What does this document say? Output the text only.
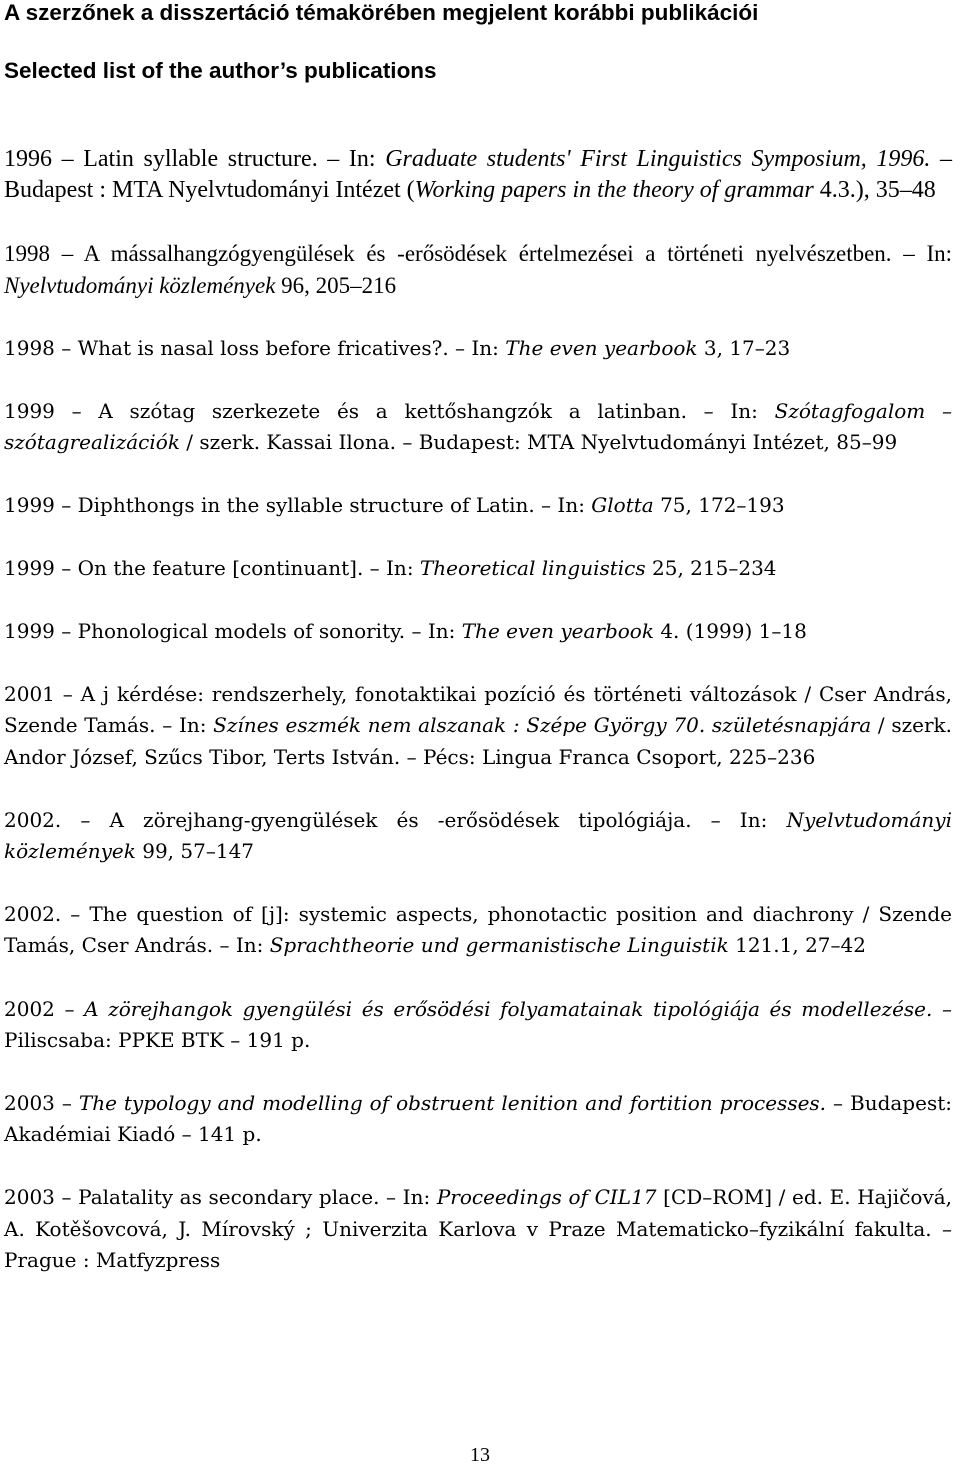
A szerzőnek a disszertáció témakörében megjelent korábbi publikációi
Selected list of the author’s publications

1996 – Latin syllable structure. – In: Graduate students' First Linguistics Symposium, 1996. – Budapest : MTA Nyelvtudományi Intézet (Working papers in the theory of grammar 4.3.), 35–48

1998 – A mássalhangzógyengülések és -erősödések értelmezései a történeti nyelvészetben. – In: Nyelvtudományi közlemények 96, 205–216

1998 – What is nasal loss before fricatives?. – In: The even yearbook 3, 17–23

1999 – A szótag szerkezete és a kettőshangzók a latinban. – In: Szótagfogalom – szótagrealizációk / szerk. Kassai Ilona. – Budapest: MTA Nyelvtudományi Intézet, 85–99

1999 – Diphthongs in the syllable structure of Latin. – In: Glotta 75, 172–193

1999 – On the feature [continuant]. – In: Theoretical linguistics 25, 215–234

1999 – Phonological models of sonority. – In: The even yearbook 4. (1999) 1–18

2001 – A j kérdése: rendszerhely, fonotaktikai pozíció és történeti változások / Cser András, Szende Tamás. – In: Színes eszmék nem alszanak : Szépe György 70. születésnapjára / szerk. Andor József, Szűcs Tibor, Terts István. – Pécs: Lingua Franca Csoport, 225–236

2002. – A zörejhang-gyengülések és -erősödések tipológiája. – In: Nyelvtudományi közlemények 99, 57–147

2002. – The question of [j]: systemic aspects, phonotactic position and diachrony / Szende Tamás, Cser András. – In: Sprachtheorie und germanistische Linguistik 121.1, 27–42

2002 – A zörejhangok gyengülési és erősödési folyamatainak tipológiája és modellezése. – Piliscsaba: PPKE BTK – 191 p.

2003 – The typology and modelling of obstruent lenition and fortition processes. – Budapest: Akadémiai Kiadó – 141 p.

2003 – Palatality as secondary place. – In: Proceedings of CIL17 [CD–ROM] / ed. E. Hajičová, A. Kotěšovcová, J. Mírovský ; Univerzita Karlova v Praze Matematicko–fyzikální fakulta. – Prague : Matfyzpress

13
